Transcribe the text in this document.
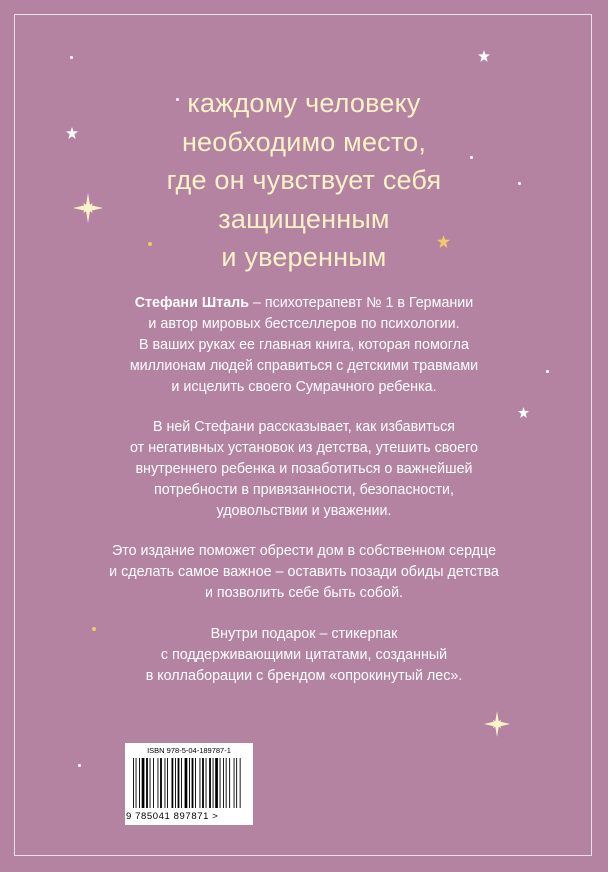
каждому человеку
необходимо место,
где он чувствует себя
защищенным
и уверенным
Стефани Шталь – психотерапевт № 1 в Германии
и автор мировых бестселлеров по психологии.
В ваших руках ее главная книга, которая помогла
миллионам людей справиться с детскими травмами
и исцелить своего Сумрачного ребенка.
В ней Стефани рассказывает, как избавиться
от негативных установок из детства, утешить своего
внутреннего ребенка и позаботиться о важнейшей
потребности в привязанности, безопасности,
удовольствии и уважении.
Это издание поможет обрести дом в собственном сердце
и сделать самое важное – оставить позади обиды детства
и позволить себе быть собой.
Внутри подарок – стикерпак
с поддерживающими цитатами, созданный
в коллаборации с брендом «опрокинутый лес».
ISBN 978-5-04-189787-1
9 785041 897871 >
